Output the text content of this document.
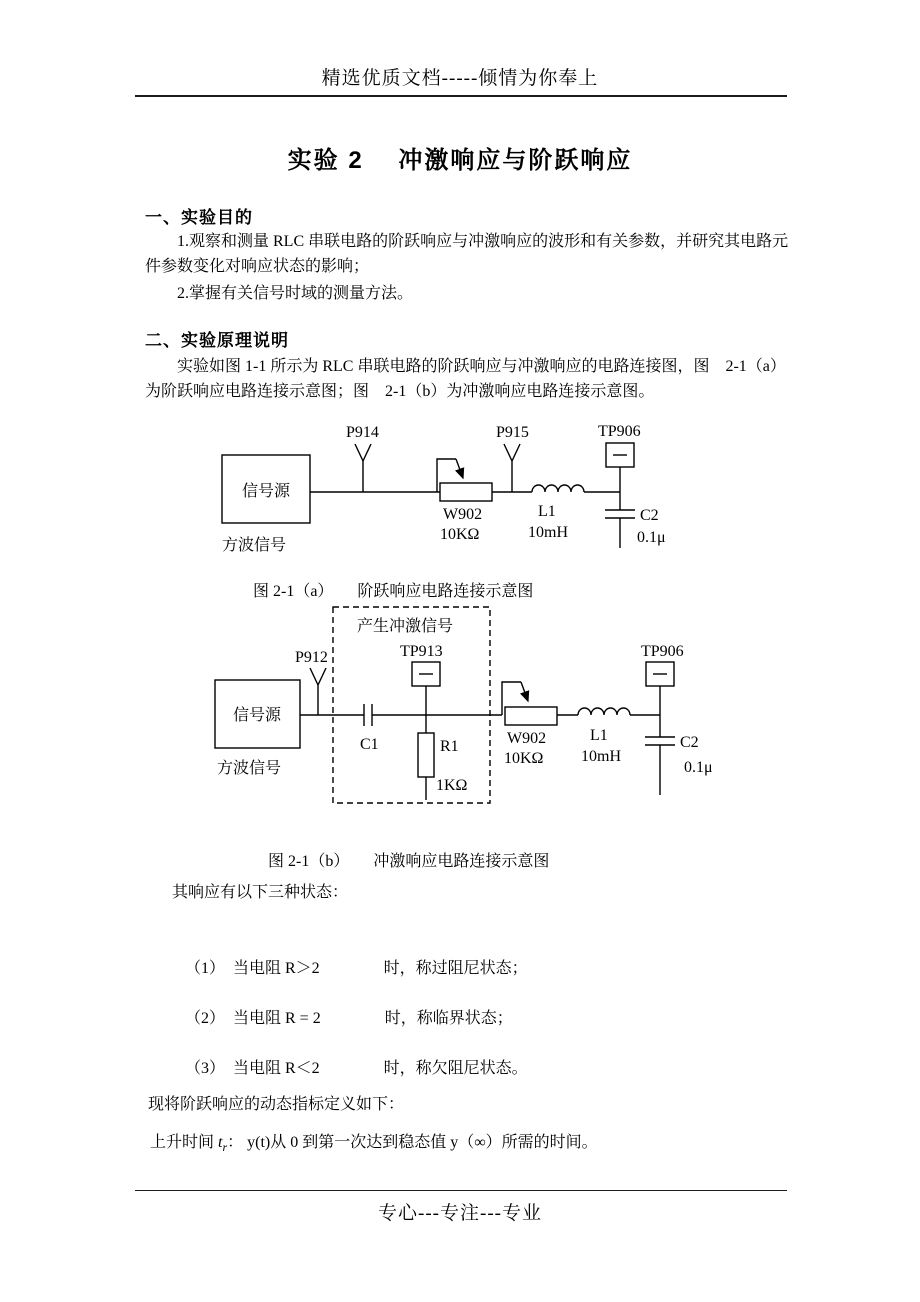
精选优质文档-----倾情为你奉上
实验 2　 冲激响应与阶跃响应
一、实验目的
1.观察和测量 RLC 串联电路的阶跃响应与冲激响应的波形和有关参数，并研究其电路元件参数变化对响应状态的影响；
2.掌握有关信号时域的测量方法。
二、实验原理说明
实验如图 1-1 所示为 RLC 串联电路的阶跃响应与冲激响应的电路连接图，图　2-1（a）为阶跃响应电路连接示意图；图　2-1（b）为冲激响应电路连接示意图。
信号源
方波信号
P914	P915	TP906
W902
10KΩ
L1
10mH
C2
0.1μ
图 2-1（a）　　阶跃响应电路连接示意图
产生冲激信号
TP913
P912
信号源
方波信号
C1	R1
1KΩ
W902
10KΩ
L1
10mH
TP906
C2
0.1μ
图 2-1（b）　　冲激响应电路连接示意图
其响应有以下三种状态：
（1）　当电阻 R＞2　　　　时，称过阻尼状态；
（2）　当电阻 R = 2　　　　时，称临界状态；
（3）　当电阻 R＜2　　　　时，称欠阻尼状态。
现将阶跃响应的动态指标定义如下：
上升时间 $t_r$： y(t)从 0 到第一次达到稳态值 y（∞）所需的时间。
专心---专注---专业
